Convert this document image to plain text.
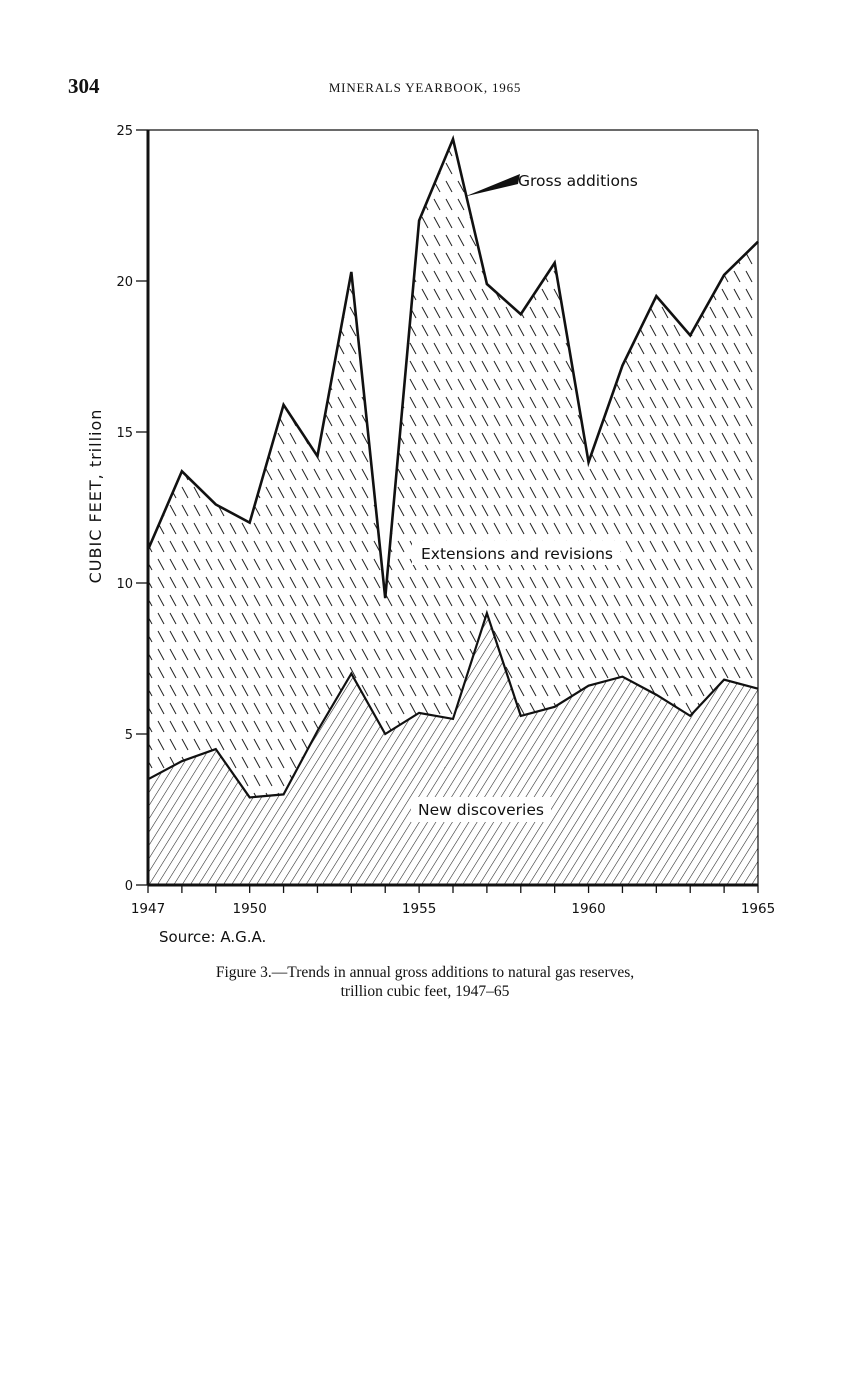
304	MINERALS YEARBOOK, 1965
0
5
10
15
20
25
1947	1950	1955	1960	1965
Gross additions
Extensions and revisions
New discoveries
CUBIC FEET, trillion
Source: A.G.A.
Figure 3.—Trends in annual gross additions to natural gas reserves,
trillion cubic feet, 1947–65
